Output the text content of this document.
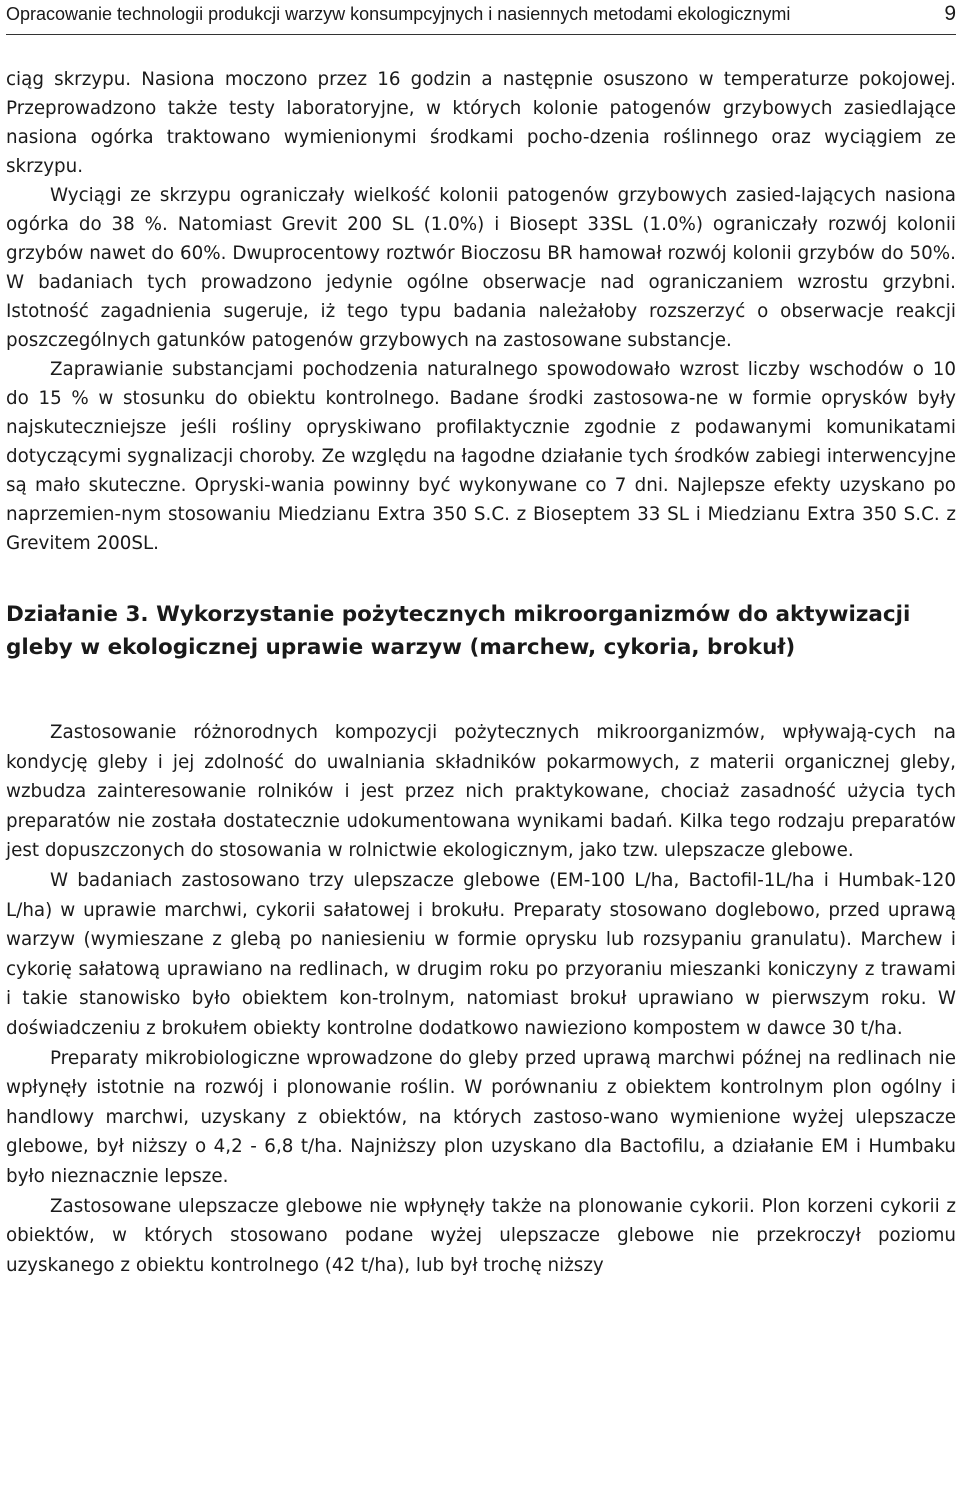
Opracowanie technologii produkcji warzyw konsumpcyjnych i nasiennych metodami ekologicznymi	9

ciąg skrzypu. Nasiona moczono przez 16 godzin a następnie osuszono w temperaturze pokojowej. Przeprowadzono także testy laboratoryjne, w których kolonie patogenów grzybowych zasiedlające nasiona ogórka traktowano wymienionymi środkami pocho-dzenia roślinnego oraz wyciągiem ze skrzypu.

Wyciągi ze skrzypu ograniczały wielkość kolonii patogenów grzybowych zasied-lających nasiona ogórka do 38 %. Natomiast Grevit 200 SL (1.0%) i Biosept 33SL (1.0%) ograniczały rozwój kolonii grzybów nawet do 60%. Dwuprocentowy roztwór Bioczosu BR hamował rozwój kolonii grzybów do 50%. W badaniach tych prowadzono jedynie ogólne obserwacje nad ograniczaniem wzrostu grzybni. Istotność zagadnienia sugeruje, iż tego typu badania należałoby rozszerzyć o obserwacje reakcji poszczególnych gatunków patogenów grzybowych na zastosowane substancje.

Zaprawianie substancjami pochodzenia naturalnego spowodowało wzrost liczby wschodów o 10 do 15 % w stosunku do obiektu kontrolnego. Badane środki zastosowa-ne w formie oprysków były najskuteczniejsze jeśli rośliny opryskiwano profilaktycznie zgodnie z podawanymi komunikatami dotyczącymi sygnalizacji choroby. Ze względu na łagodne działanie tych środków zabiegi interwencyjne są mało skuteczne. Opryski-wania powinny być wykonywane co 7 dni. Najlepsze efekty uzyskano po naprzemien-nym stosowaniu Miedzianu Extra 350 S.C. z Bioseptem 33 SL i Miedzianu Extra 350 S.C. z Grevitem 200SL.

Działanie 3. Wykorzystanie pożytecznych mikroorganizmów do aktywizacji gleby w ekologicznej uprawie warzyw (marchew, cykoria, brokuł)

Zastosowanie różnorodnych kompozycji pożytecznych mikroorganizmów, wpływają-cych na kondycję gleby i jej zdolność do uwalniania składników pokarmowych, z materii organicznej gleby, wzbudza zainteresowanie rolników i jest przez nich praktykowane, chociaż zasadność użycia tych preparatów nie została dostatecznie udokumentowana wynikami badań. Kilka tego rodzaju preparatów jest dopuszczonych do stosowania w rolnictwie ekologicznym, jako tzw. ulepszacze glebowe.

W badaniach zastosowano trzy ulepszacze glebowe (EM-100 L/ha, Bactofil-1L/ha i Humbak-120 L/ha) w uprawie marchwi, cykorii sałatowej i brokułu. Preparaty stosowano doglebowo, przed uprawą warzyw (wymieszane z glebą po naniesieniu w formie oprysku lub rozsypaniu granulatu). Marchew i cykorię sałatową uprawiano na redlinach, w drugim roku po przyoraniu mieszanki koniczyny z trawami i takie stanowisko było obiektem kon-trolnym, natomiast brokuł uprawiano w pierwszym roku. W doświadczeniu z brokułem obiekty kontrolne dodatkowo nawieziono kompostem w dawce 30 t/ha.

Preparaty mikrobiologiczne wprowadzone do gleby przed uprawą marchwi późnej na redlinach nie wpłynęły istotnie na rozwój i plonowanie roślin. W porównaniu z obiektem kontrolnym plon ogólny i handlowy marchwi, uzyskany z obiektów, na których zastoso-wano wymienione wyżej ulepszacze glebowe, był niższy o 4,2 - 6,8 t/ha. Najniższy plon uzyskano dla Bactofilu, a działanie EM i Humbaku było nieznacznie lepsze.

Zastosowane ulepszacze glebowe nie wpłynęły także na plonowanie cykorii. Plon korzeni cykorii z obiektów, w których stosowano podane wyżej ulepszacze glebowe nie przekroczył poziomu uzyskanego z obiektu kontrolnego (42 t/ha), lub był trochę niższy
